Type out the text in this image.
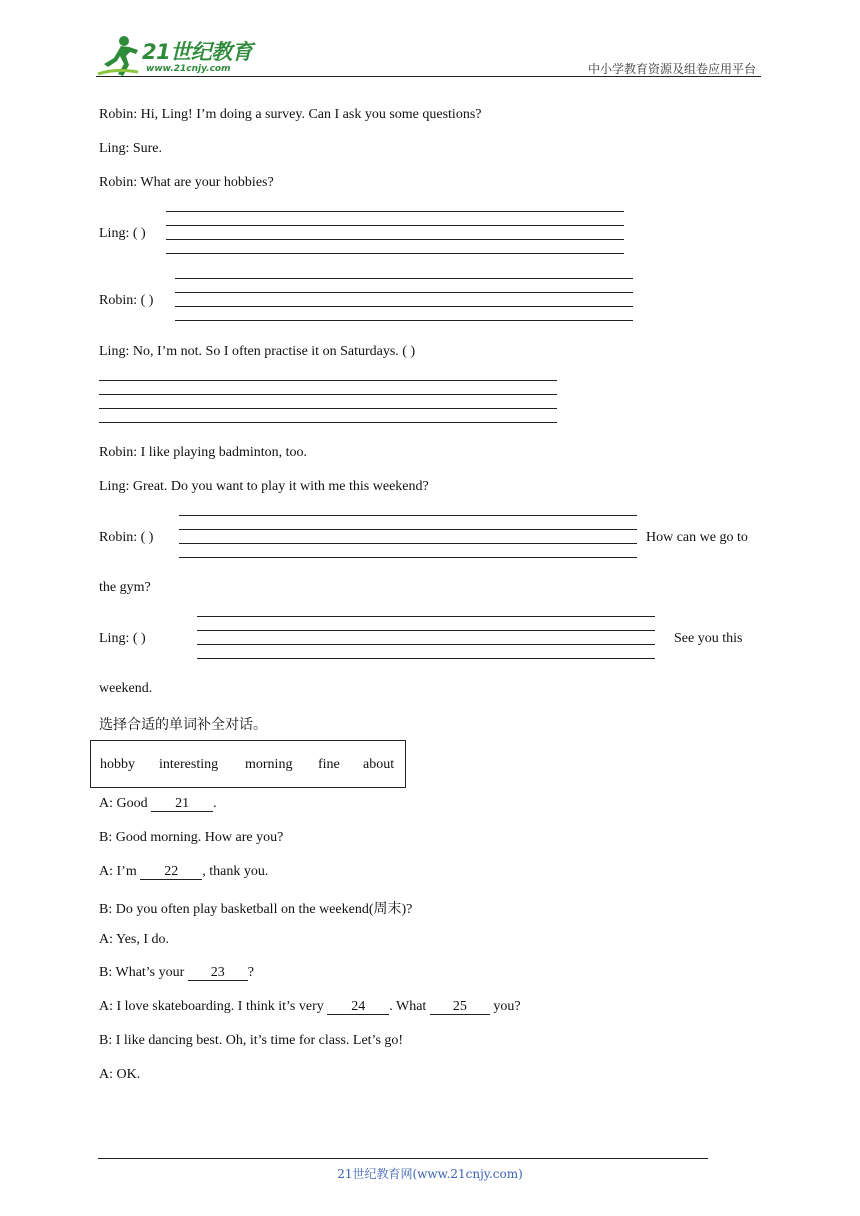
21世纪教育
www.21cnjy.com	中小学教育资源及组卷应用平台
Robin: Hi, Ling! I’m doing a survey. Can I ask you some questions?
Ling: Sure.
Robin: What are your hobbies?
Ling: ( )
Robin: ( )
Ling: No, I’m not. So I often practise it on Saturdays. ( )
Robin: I like playing badminton, too.
Ling: Great. Do you want to play it with me this weekend?
Robin: ( )	How can we go to
the gym?
Ling: ( )	See you this
weekend.
选择合适的单词补全对话。
hobby interesting morning fine about
A: Good 21 .
B: Good morning. How are you?
A: I’m 22 , thank you.
B: Do you often play basketball on the weekend(周末)?
A: Yes, I do.
B: What’s your 23 ?
A: I love skateboarding. I think it’s very 24 . What 25 you?
B: I like dancing best. Oh, it’s time for class. Let’s go!
A: OK.
21世纪教育网(www.21cnjy.com)
